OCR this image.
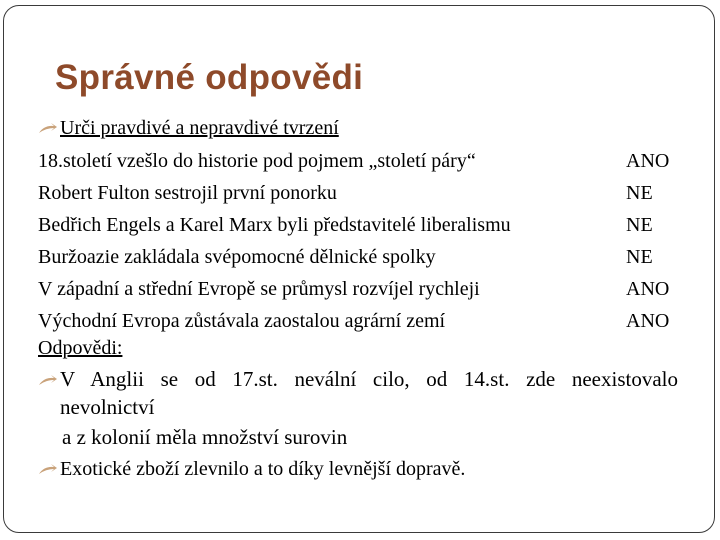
Správné odpovědi
Urči pravdivé a nepravdivé tvrzení
18.století vzešlo do historie pod pojmem „století páry“	ANO
Robert Fulton sestrojil první ponorku	NE
Bedřich Engels a Karel Marx byli představitelé liberalismu	NE
Buržoazie zakládala svépomocné dělnické spolky	NE
V západní a střední Evropě se průmysl rozvíjel rychleji	ANO
Východní Evropa zůstávala zaostalou agrární zemí	ANO
Odpovědi:
V Anglii se od 17.st. nevální cilo, od 14.st. zde neexistovalo
nevolnictví
a z kolonií měla množství surovin
Exotické zboží zlevnilo a to díky levnější dopravě.
